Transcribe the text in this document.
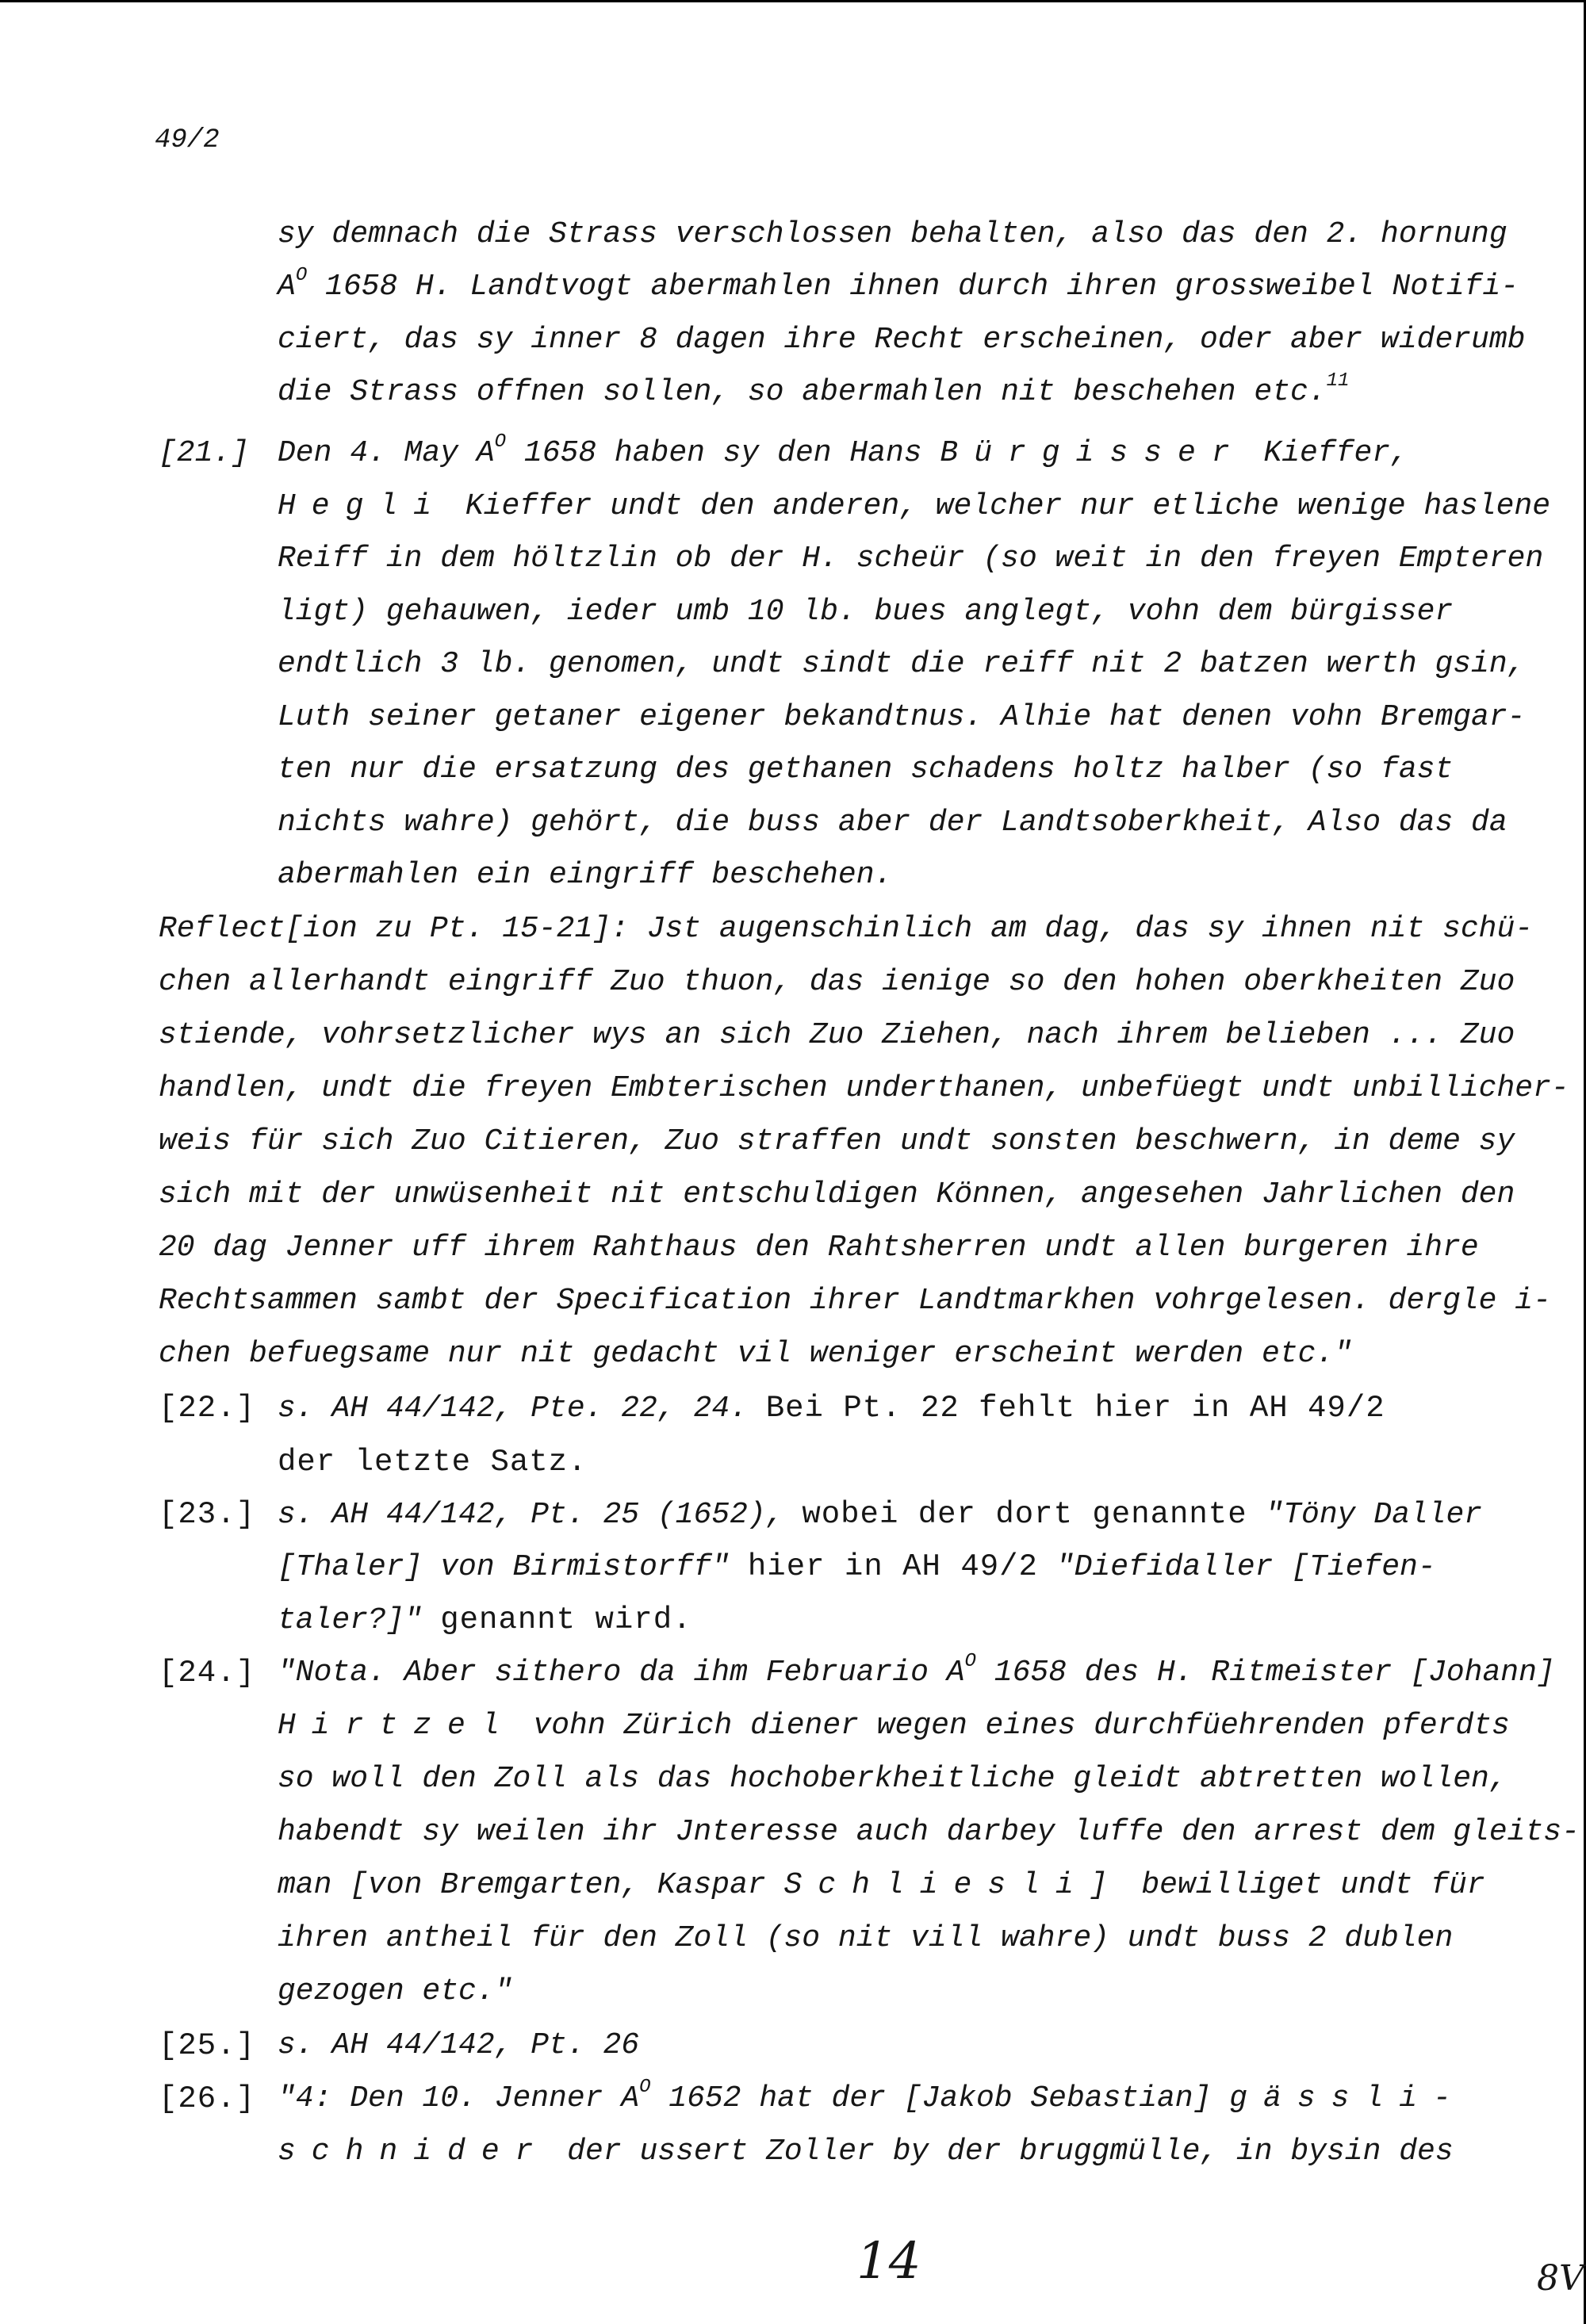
49/2
sy demnach die Strass verschlossen behalten, also das den 2. hornung
$A^O$ 1658 H. Landtvogt abermahlen ihnen durch ihren grossweibel Notifi-
ciert, das sy inner 8 dagen ihre Recht erscheinen, oder aber widerumb
die Strass offnen sollen, so abermahlen nit beschehen etc.$^{11}$
[21.] Den 4. May $A^O$ 1658 haben sy den Hans Bürgisser Kieffer,
Hegli Kieffer undt den anderen, welcher nur etliche wenige haslene
Reiff in dem höltzlin ob der H. scheür (so weit in den freyen Empteren
ligt) gehauwen, ieder umb 10 lb. bues anglegt, vohn dem bürgisser
endtlich 3 lb. genomen, undt sindt die reiff nit 2 batzen werth gsin,
Luth seiner getaner eigener bekandtnus. Alhie hat denen vohn Bremgar-
ten nur die ersatzung des gethanen schadens holtz halber (so fast
nichts wahre) gehört, die buss aber der Landtsoberkheit, Also das da
abermahlen ein eingriff beschehen.
Reflect[ion zu Pt. 15-21]: Jst augenschinlich am dag, das sy ihnen nit schü-
chen allerhandt eingriff Zuo thuon, das ienige so den hohen oberkheiten Zuo
stiende, vohrsetzlicher wys an sich Zuo Ziehen, nach ihrem belieben ... Zuo
handlen, undt die freyen Embterischen underthanen, unbefüegt undt unbillicher-
weis für sich Zuo Citieren, Zuo straffen undt sonsten beschwern, in deme sy
sich mit der unwüsenheit nit entschuldigen Können, angesehen Jahrlichen den
20 dag Jenner uff ihrem Rahthaus den Rahtsherren undt allen burgeren ihre
Rechtsammen sambt der Specification ihrer Landtmarkhen vohrgelesen. dergle i-
chen befuegsame nur nit gedacht vil weniger erscheint werden etc."
[22.] s. AH 44/142, Pte. 22, 24. Bei Pt. 22 fehlt hier in AH 49/2
der letzte Satz.
[23.] s. AH 44/142, Pt. 25 (1652), wobei der dort genannte "Töny Daller
[Thaler] von Birmistorff" hier in AH 49/2 "Diefidaller [Tiefen-
taler?]" genannt wird.
[24.] "Nota. Aber sithero da ihm Februario $A^O$ 1658 des H. Ritmeister [Johann]
Hirtzel vohn Zürich diener wegen eines durchfüehrenden pferdts
so woll den Zoll als das hochoberkheitliche gleidt abtretten wollen,
habendt sy weilen ihr Jnteresse auch darbey luffe den arrest dem gleits-
man [von Bremgarten, Kaspar Schliesli] bewilliget undt für
ihren antheil für den Zoll (so nit vill wahre) undt buss 2 dublen
gezogen etc."
[25.] s. AH 44/142, Pt. 26
[26.] "4: Den 10. Jenner $A^O$ 1652 hat der [Jakob Sebastian] gässli-
schnider der ussert Zoller by der bruggmülle, in bysin des
14	8V
